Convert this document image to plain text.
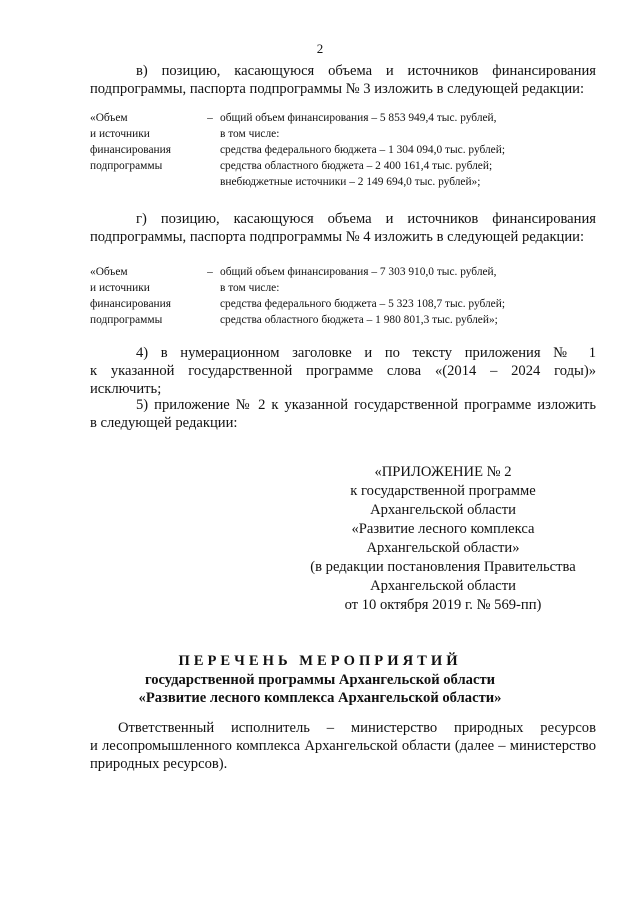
2
в) позицию, касающуюся объема и источников финансирования
подпрограммы, паспорта подпрограммы № 3 изложить в следующей редакции:
«Объем
и источники
финансирования
подпрограммы
– общий объем финансирования – 5 853 949,4 тыс. рублей,
в том числе:
средства федерального бюджета – 1 304 094,0 тыс. рублей;
средства областного бюджета – 2 400 161,4 тыс. рублей;
внебюджетные источники – 2 149 694,0 тыс. рублей»;
г) позицию, касающуюся объема и источников финансирования
подпрограммы, паспорта подпрограммы № 4 изложить в следующей редакции:
«Объем
и источники
финансирования
подпрограммы
– общий объем финансирования – 7 303 910,0 тыс. рублей,
в том числе:
средства федерального бюджета – 5 323 108,7 тыс. рублей;
средства областного бюджета – 1 980 801,3 тыс. рублей»;
4) в нумерационном заголовке и по тексту приложения № 1
к указанной государственной программе слова «(2014 – 2024 годы)»
исключить;
5) приложение № 2 к указанной государственной программе изложить
в следующей редакции:
«ПРИЛОЖЕНИЕ № 2
к государственной программе
Архангельской области
«Развитие лесного комплекса
Архангельской области»
(в редакции постановления Правительства
Архангельской области
от 10 октября 2019 г. № 569-пп)
ПЕРЕЧЕНЬ МЕРОПРИЯТИЙ
государственной программы Архангельской области
«Развитие лесного комплекса Архангельской области»
Ответственный исполнитель – министерство природных ресурсов
и лесопромышленного комплекса Архангельской области (далее – министерство
природных ресурсов).
